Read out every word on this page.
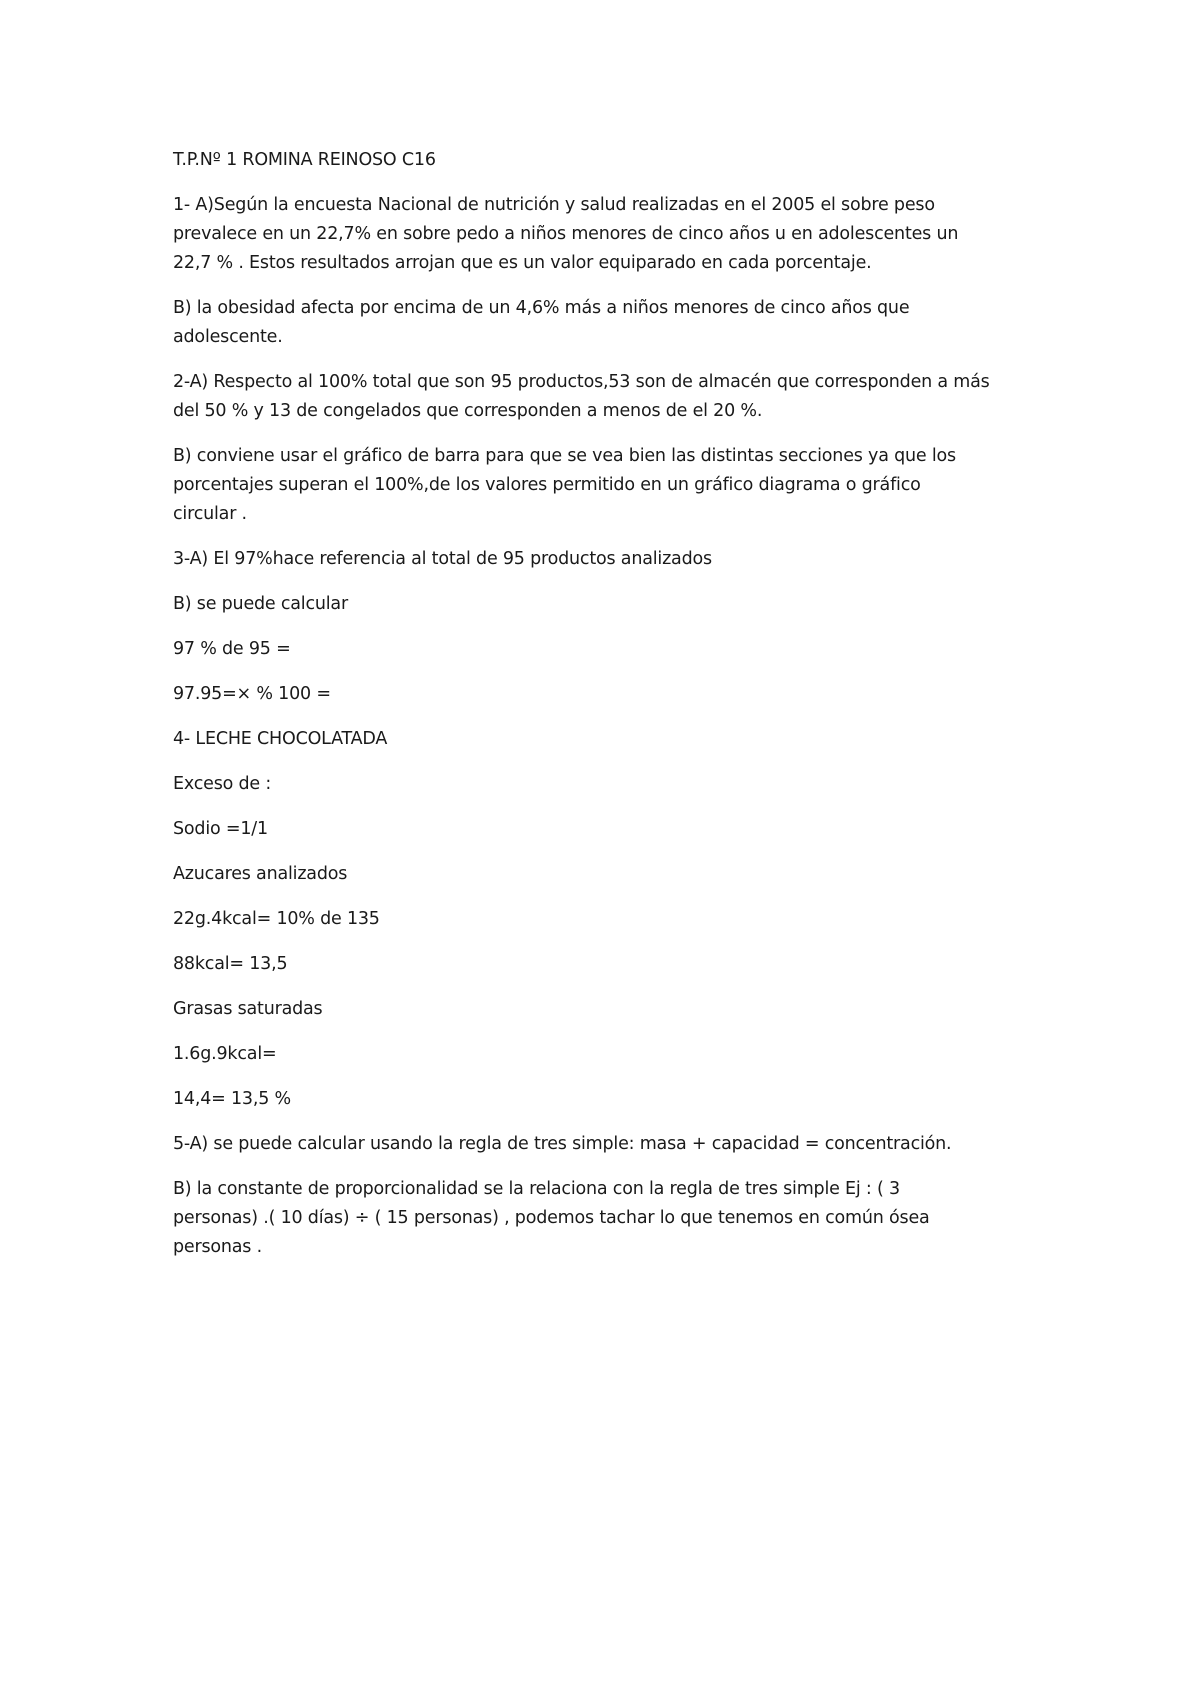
T.P.Nº 1 ROMINA REINOSO C16

1- A)Según la encuesta Nacional de nutrición y salud realizadas en el 2005 el sobre peso
prevalece en un 22,7% en sobre pedo a niños menores de cinco años u en adolescentes un
22,7 % . Estos resultados arrojan que es un valor equiparado en cada porcentaje.

B) la obesidad afecta por encima de un 4,6% más a niños menores de cinco años que
adolescente.

2-A) Respecto al 100% total que son 95 productos,53 son de almacén que corresponden a más
del 50 % y 13 de congelados que corresponden a menos de el 20 %.

B) conviene usar el gráfico de barra para que se vea bien las distintas secciones ya que los
porcentajes superan el 100%,de los valores permitido en un gráfico diagrama o gráfico
circular .

3-A) El 97%hace referencia al total de 95 productos analizados

B) se puede calcular

97 % de 95 =

97.95=× % 100 =

4- LECHE CHOCOLATADA

Exceso de :

Sodio =1/1

Azucares analizados

22g.4kcal= 10% de 135

88kcal= 13,5

Grasas saturadas

1.6g.9kcal=

14,4= 13,5 %

5-A) se puede calcular usando la regla de tres simple: masa + capacidad = concentración.

B) la constante de proporcionalidad se la relaciona con la regla de tres simple Ej : ( 3
personas) .( 10 días) ÷ ( 15 personas) , podemos tachar lo que tenemos en común ósea
personas .
